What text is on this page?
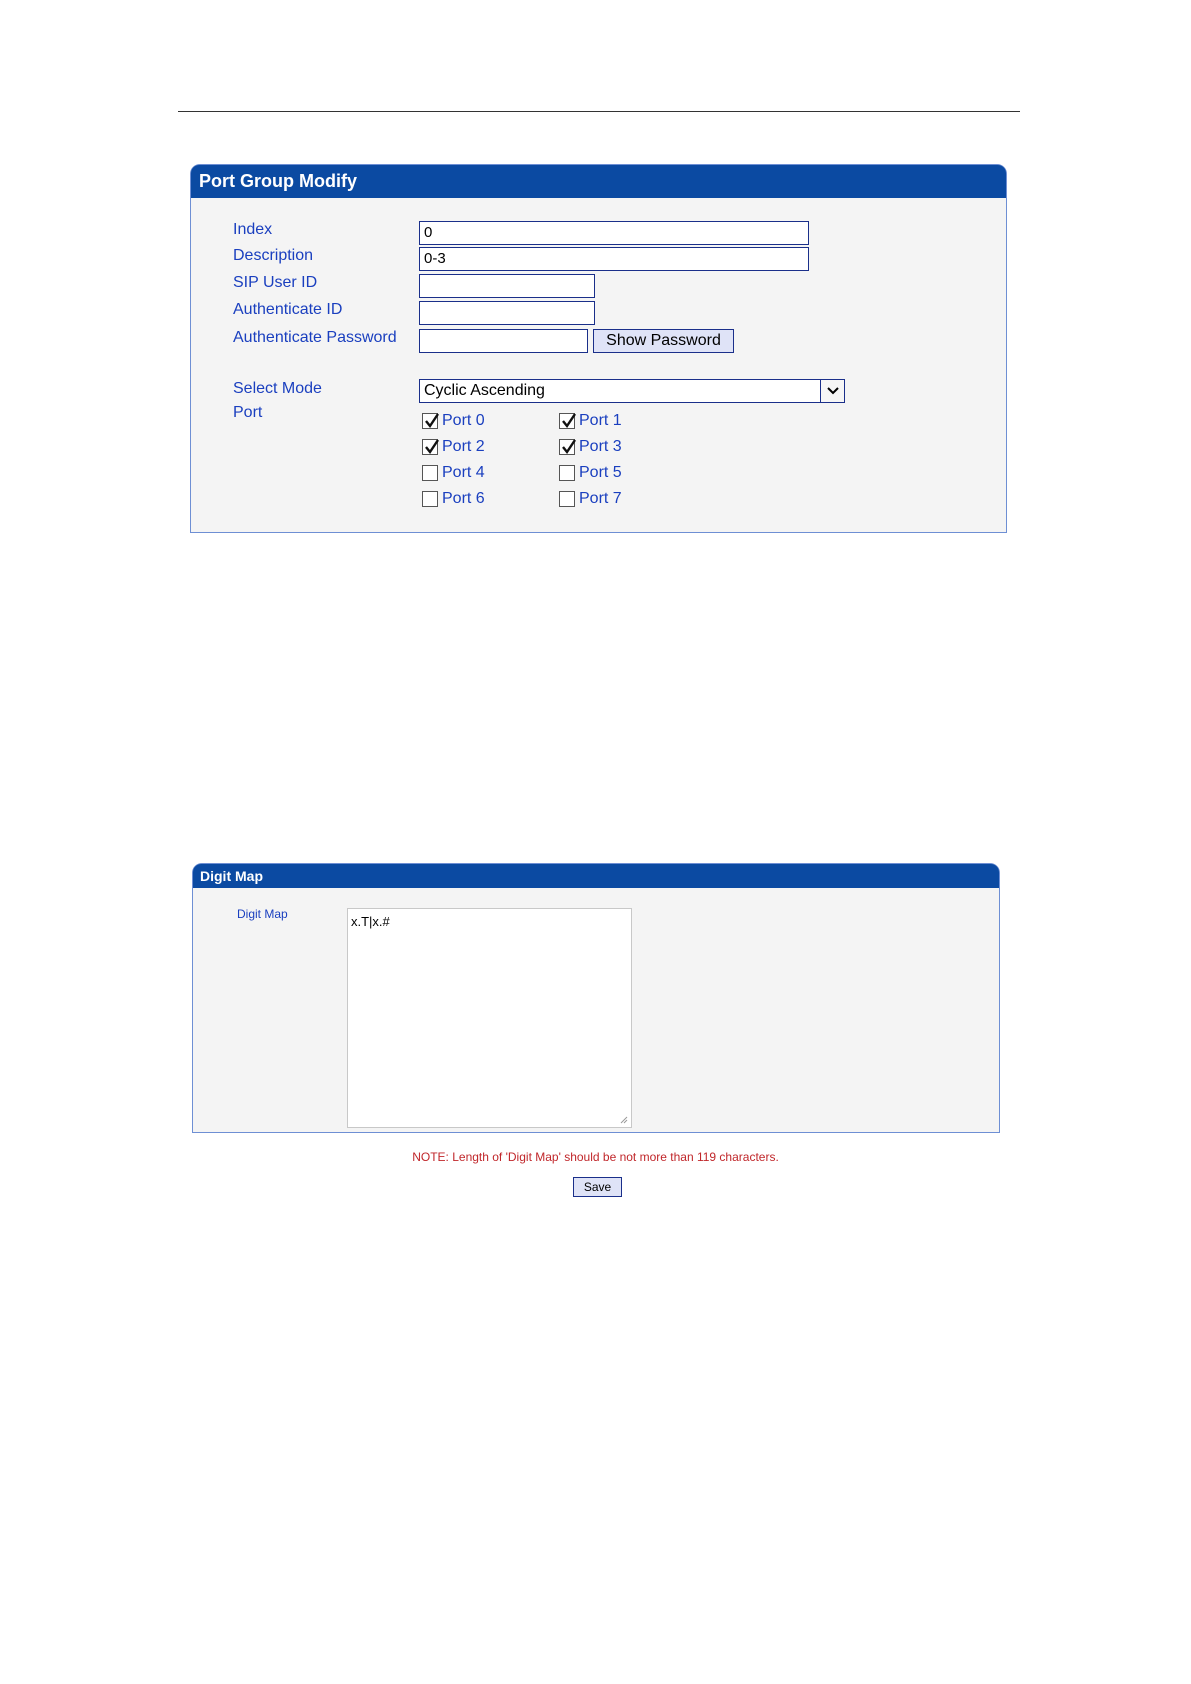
Port Group Modify
Index	0
Description	0-3
SIP User ID
Authenticate ID
Authenticate Password	Show Password
Select Mode	Cyclic Ascending
Port	Port 0	Port 1
Port 2	Port 3
Port 4	Port 5
Port 6	Port 7
Digit Map
Digit Map	x.T|x.#
NOTE: Length of 'Digit Map' should be not more than 119 characters.
Save
